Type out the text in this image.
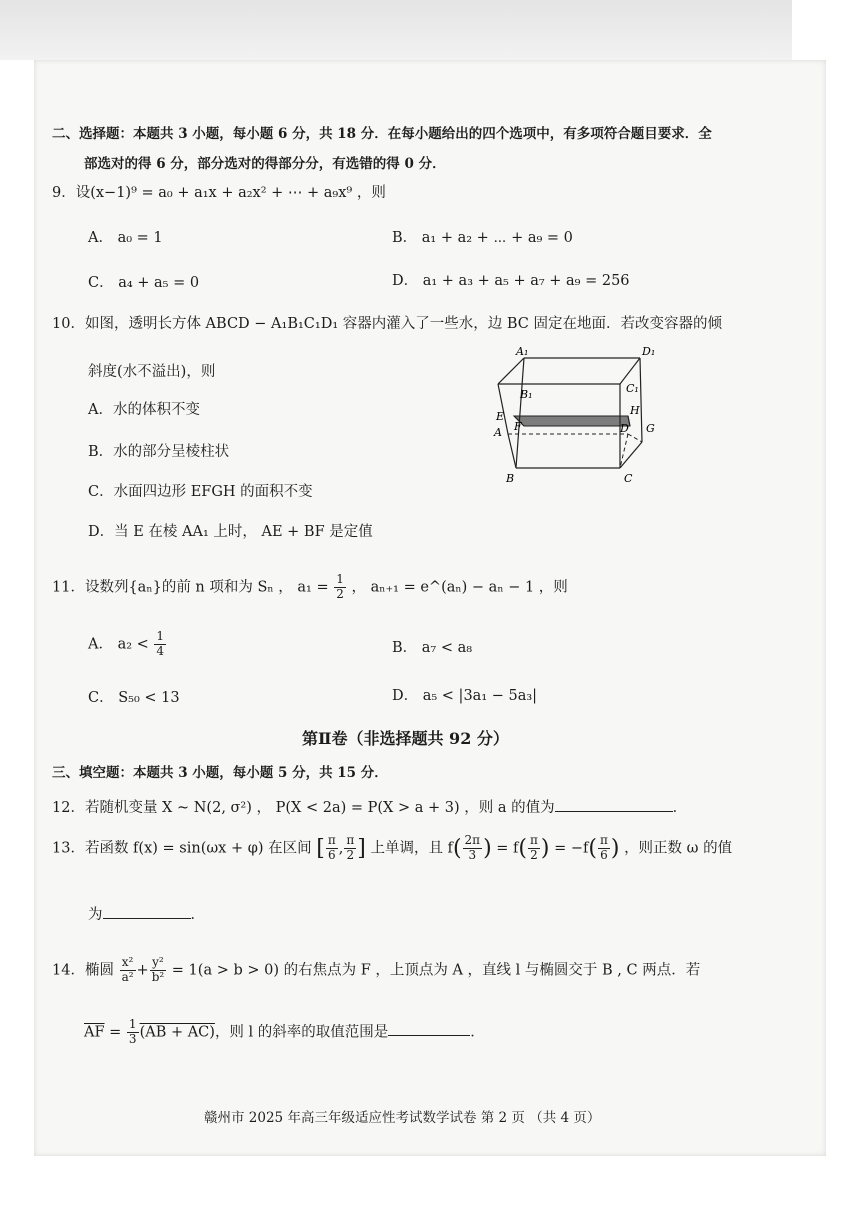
二、选择题：本题共 3 小题，每小题 6 分，共 18 分．在每小题给出的四个选项中，有多项符合题目要求．全
部选对的得 6 分，部分选对的得部分分，有选错的得 0 分．
9．设(x−1)⁹ = a₀ + a₁x + a₂x² + ⋯ + a₉x⁹ ，则
A． a₀ = 1	B． a₁ + a₂ + ⋯ + a₉ = 0
C． a₄ + a₅ = 0	D． a₁ + a₃ + a₅ + a₇ + a₉ = 256
10．如图，透明长方体 ABCD − A₁B₁C₁D₁ 容器内灌入了一些水，边 BC 固定在地面．若改变容器的倾
斜度(水不溢出)，则
A．水的体积不变
B．水的部分呈棱柱状
C．水面四边形 EFGH 的面积不变
D．当 E 在棱 AA₁ 上时， AE + BF 是定值
A₁	D₁
B₁	C₁
E	H
A F	D G
B	C
11．设数列{aₙ}的前 n 项和为 Sₙ ， $a_1 = \frac{1}{2}$ ， aₙ₊₁ = e^(aₙ) − aₙ − 1 ，则
A． $a_2 < \frac{1}{4}$	B． a₇ < a₈
C． S₅₀ < 13	D． a₅ < |3a₁ − 5a₃|
第Ⅱ卷（非选择题共 92 分）
三、填空题：本题共 3 小题，每小题 5 分，共 15 分．
12．若随机变量 X ~ N(2, σ²) ， P(X < 2a) = P(X > a + 3) ，则 a 的值为	．
13．若函数 f(x) = sin(ωx + φ) 在区间 [ $\frac{\pi}{6}$ , $\frac{\pi}{2}$ ] 上单调，且 $f( \frac{2\pi}{3}$ ) = $f( \frac{\pi}{2}$ ) = $-f( \frac{\pi}{6}$ ) ，则正数 ω 的值
为	．
14．椭圆 $\frac{\text{x²}}{\text{a²}} + \frac{\text{y²}}{\text{b²}} = 1(a > b > 0)$ 的右焦点为 F ，上顶点为 A ，直线 l 与椭圆交于 B , C 两点．若
$\overline{AF} = \frac{1}{3} (AB + AC)$，则 l 的斜率的取值范围是	．
赣州市 2025 年高三年级适应性考试数学试卷 第 2 页 （共 4 页）
